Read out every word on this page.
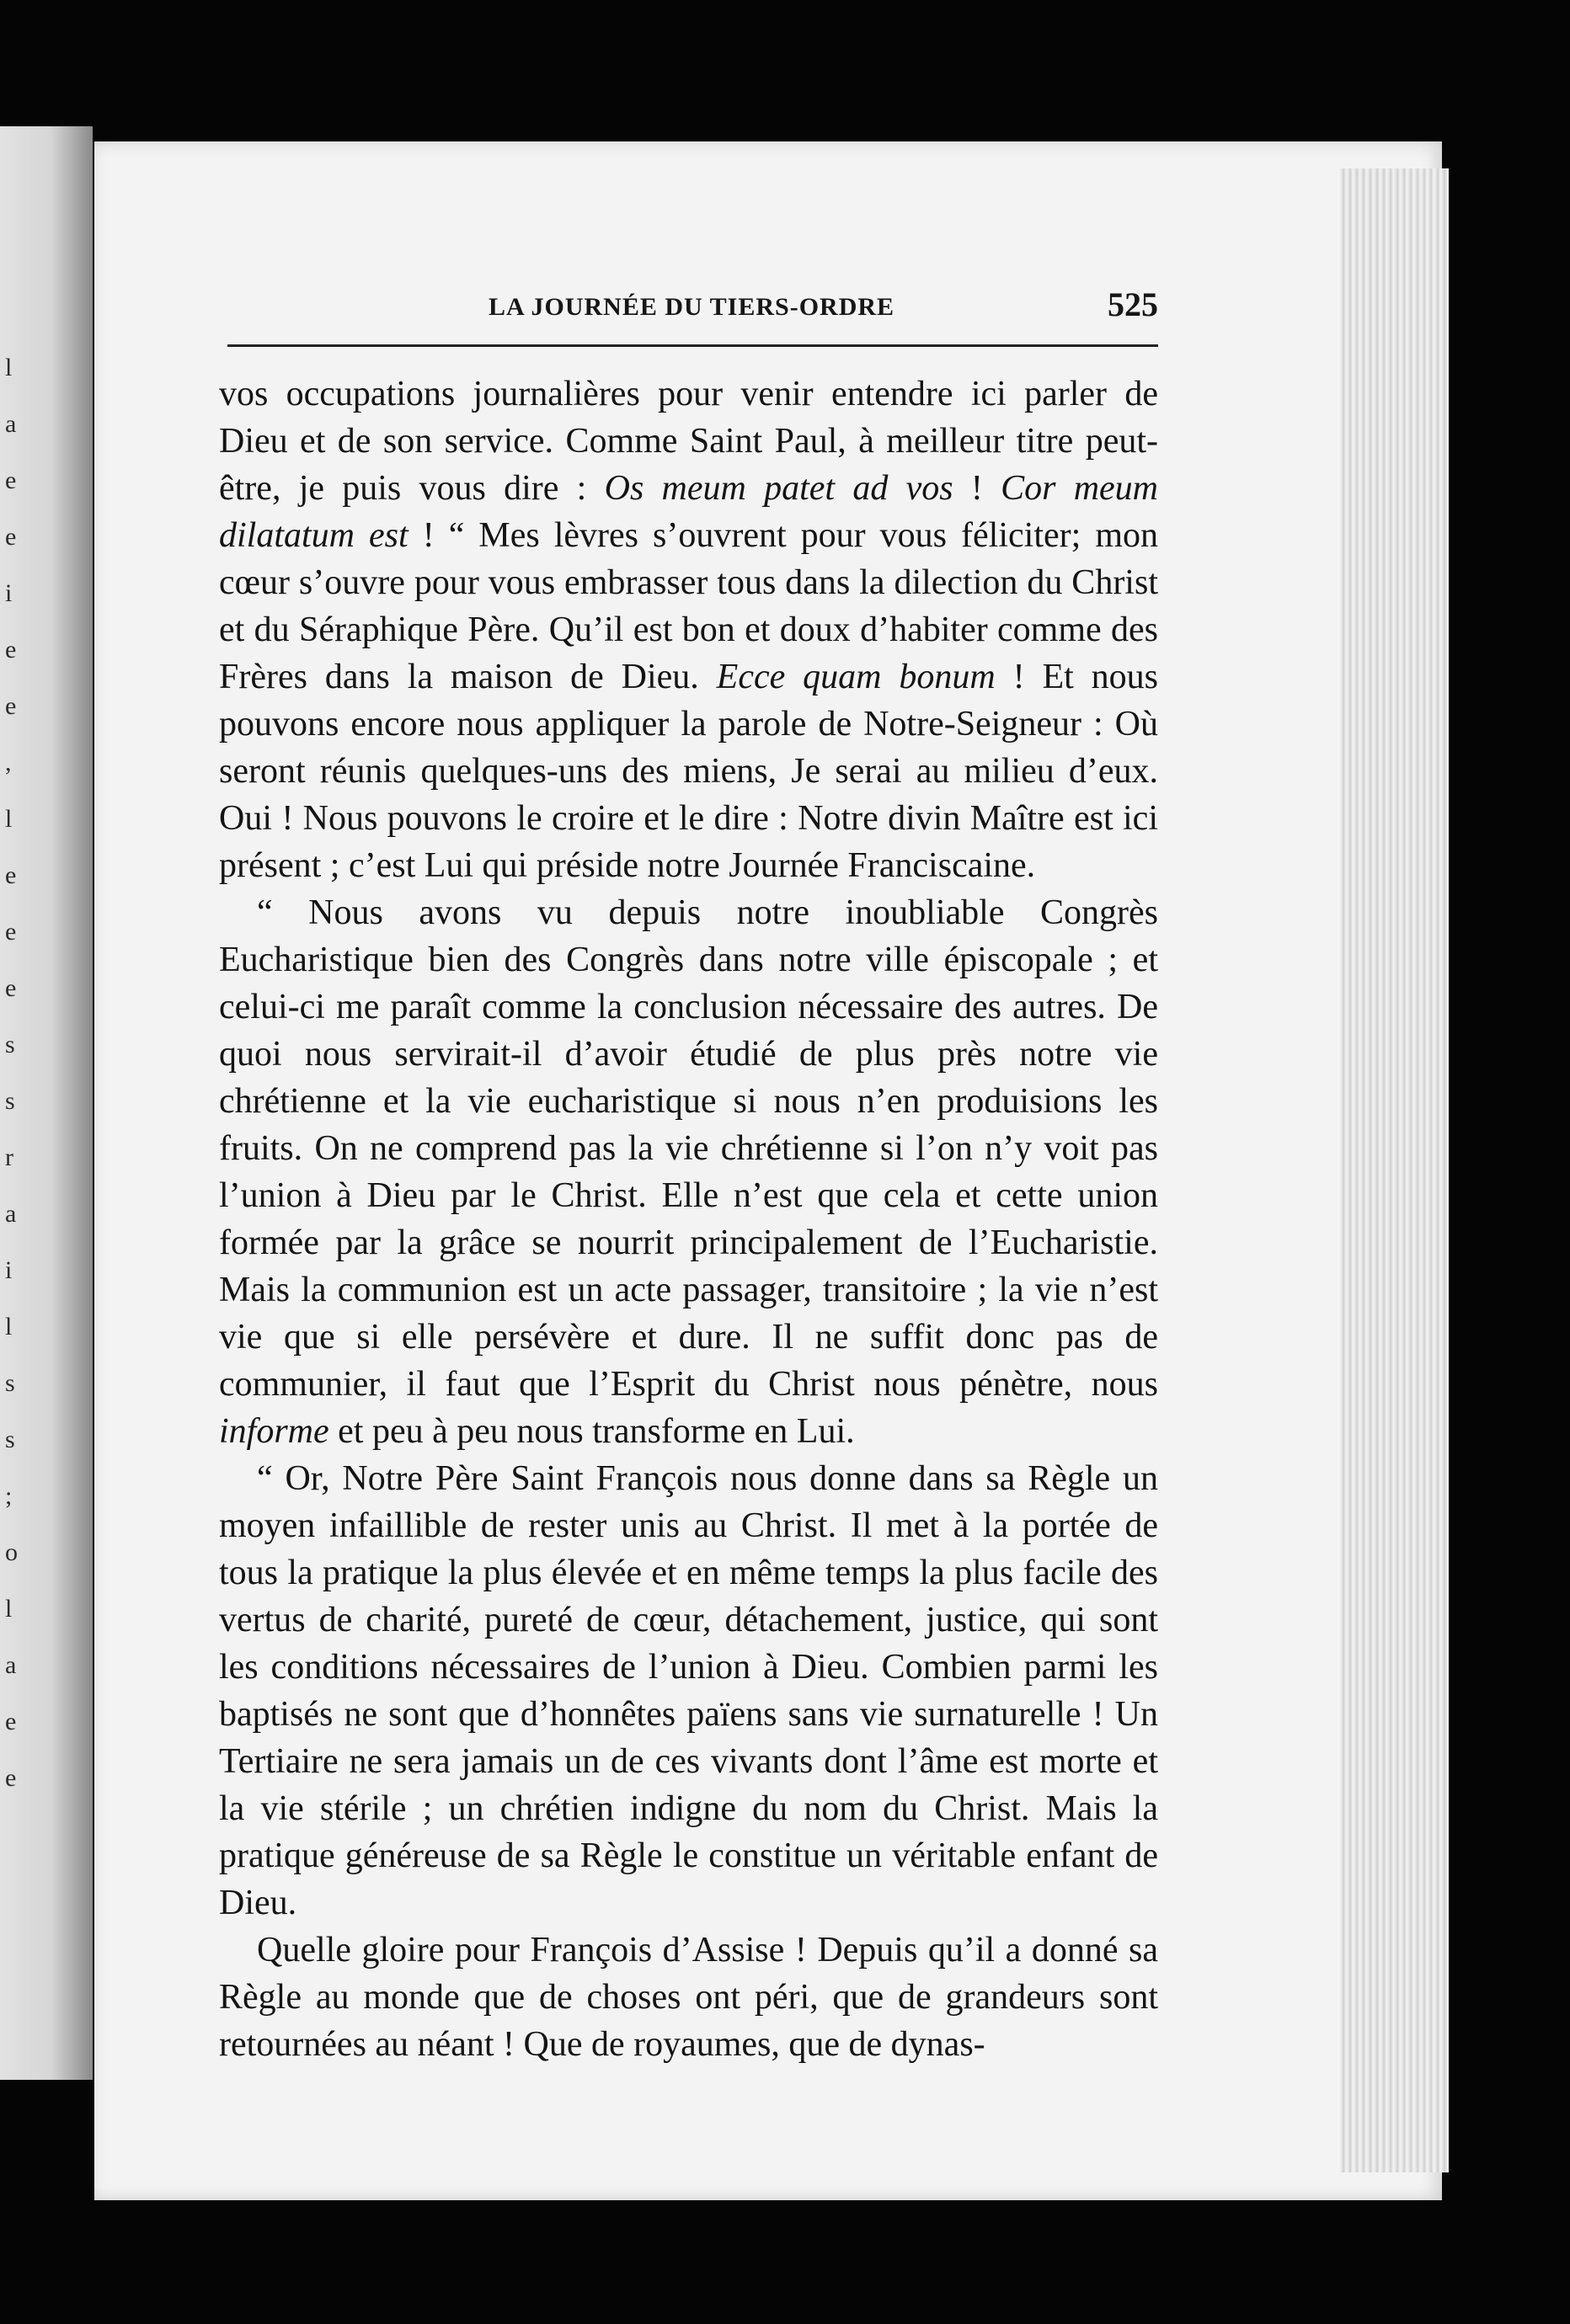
LA JOURNÉE DU TIERS-ORDRE	525

vos occupations journalières pour venir entendre ici parler de Dieu et de son service. Comme Saint Paul, à meilleur titre peut-être, je puis vous dire : Os meum patet ad vos ! Cor meum dilatatum est ! “ Mes lèvres s’ouvrent pour vous féliciter; mon cœur s’ouvre pour vous embrasser tous dans la dilection du Christ et du Séraphique Père. Qu’il est bon et doux d’habiter comme des Frères dans la maison de Dieu. Ecce quam bonum ! Et nous pouvons encore nous appliquer la parole de Notre-Seigneur : Où seront réunis quelques-uns des miens, Je serai au milieu d’eux. Oui ! Nous pouvons le croire et le dire : Notre divin Maître est ici présent ; c’est Lui qui préside notre Journée Franciscaine.

“ Nous avons vu depuis notre inoubliable Congrès Eucharistique bien des Congrès dans notre ville épiscopale ; et celui-ci me paraît comme la conclusion nécessaire des autres. De quoi nous servirait-il d’avoir étudié de plus près notre vie chrétienne et la vie eucharistique si nous n’en produisions les fruits. On ne comprend pas la vie chrétienne si l’on n’y voit pas l’union à Dieu par le Christ. Elle n’est que cela et cette union formée par la grâce se nourrit principalement de l’Eucharistie. Mais la communion est un acte passager, transitoire ; la vie n’est vie que si elle persévère et dure. Il ne suffit donc pas de communier, il faut que l’Esprit du Christ nous pénètre, nous informe et peu à peu nous transforme en Lui.

“ Or, Notre Père Saint François nous donne dans sa Règle un moyen infaillible de rester unis au Christ. Il met à la portée de tous la pratique la plus élevée et en même temps la plus facile des vertus de charité, pureté de cœur, détachement, justice, qui sont les conditions nécessaires de l’union à Dieu. Combien parmi les baptisés ne sont que d’honnêtes païens sans vie surnaturelle ! Un Tertiaire ne sera jamais un de ces vivants dont l’âme est morte et la vie stérile ; un chrétien indigne du nom du Christ. Mais la pratique généreuse de sa Règle le constitue un véritable enfant de Dieu.

Quelle gloire pour François d’Assise ! Depuis qu’il a donné sa Règle au monde que de choses ont péri, que de grandeurs sont retournées au néant ! Que de royaumes, que de dynas-

l
a
e
e
i
e
e
,
l
e
e
e
s
s
r
a
i
l
s
s
;
o
l
a
e
e
